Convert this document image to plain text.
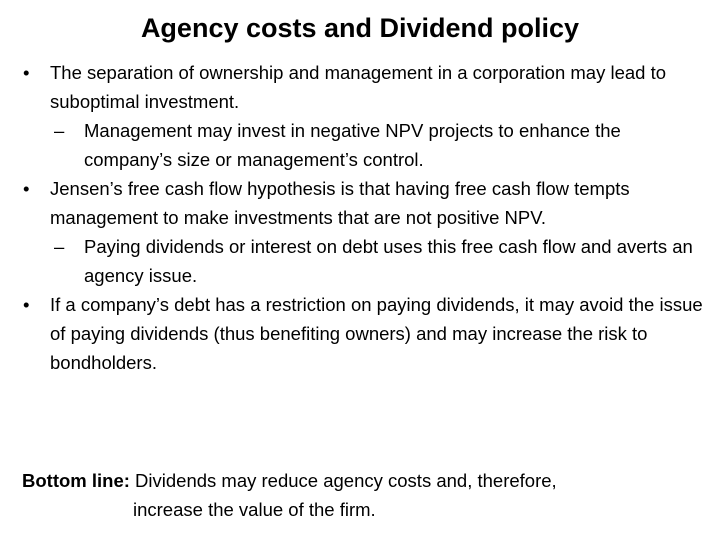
Agency costs and Dividend policy
• The separation of ownership and management in a corporation may lead to suboptimal investment.
– Management may invest in negative NPV projects to enhance the company’s size or management’s control.
• Jensen’s free cash flow hypothesis is that having free cash flow tempts management to make investments that are not positive NPV.
– Paying dividends or interest on debt uses this free cash flow and averts an agency issue.
• If a company’s debt has a restriction on paying dividends, it may avoid the issue of paying dividends (thus benefiting owners) and may increase the risk to bondholders.
Bottom line: Dividends may reduce agency costs and, therefore,
increase the value of the firm.
